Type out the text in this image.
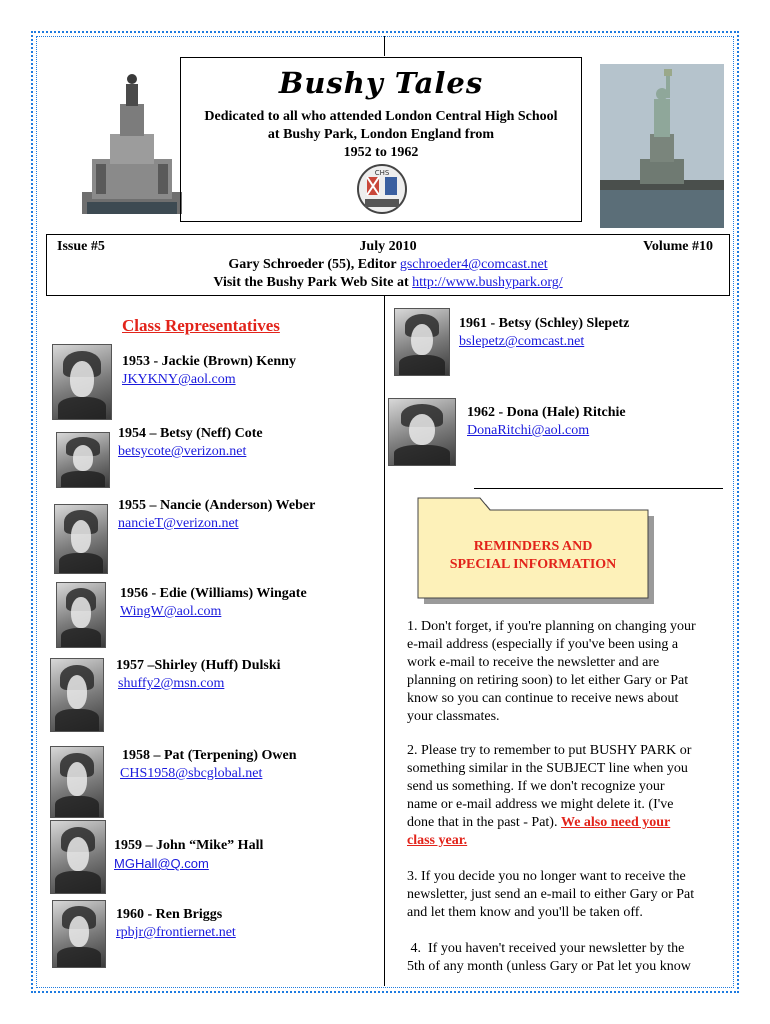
Bushy Tales
Dedicated to all who attended London Central High School
at Bushy Park, London England from
1952 to 1962
CHS
Issue #5	July 2010	Volume #10
Gary Schroeder (55), Editor gschroeder4@comcast.net
Visit the Bushy Park Web Site at http://www.bushypark.org/
Class Representatives
1953 - Jackie (Brown) Kenny
JKYKNY@aol.com
1954 – Betsy (Neff) Cote
betsycote@verizon.net
1955 – Nancie (Anderson) Weber
nancieT@verizon.net
1956 - Edie (Williams) Wingate
WingW@aol.com
1957 –Shirley (Huff) Dulski
shuffy2@msn.com
1958 – Pat (Terpening) Owen
CHS1958@sbcglobal.net
1959 – John “Mike” Hall
MGHall@Q.com
1960 - Ren Briggs
rpbjr@frontiernet.net
1961 - Betsy (Schley) Slepetz
bslepetz@comcast.net
1962 - Dona (Hale) Ritchie
DonaRitchi@aol.com
REMINDERS AND
SPECIAL INFORMATION
1. Don't forget, if you're planning on changing your
e-mail address (especially if you've been using a
work e-mail to receive the newsletter and are
planning on retiring soon) to let either Gary or Pat
know so you can continue to receive news about
your classmates.
2. Please try to remember to put BUSHY PARK or
something similar in the SUBJECT line when you
send us something. If we don't recognize your
name or e-mail address we might delete it. (I've
done that in the past - Pat). We also need your
class year.
3. If you decide you no longer want to receive the
newsletter, just send an e-mail to either Gary or Pat
and let them know and you'll be taken off.
4.  If you haven't received your newsletter by the
5th of any month (unless Gary or Pat let you know
